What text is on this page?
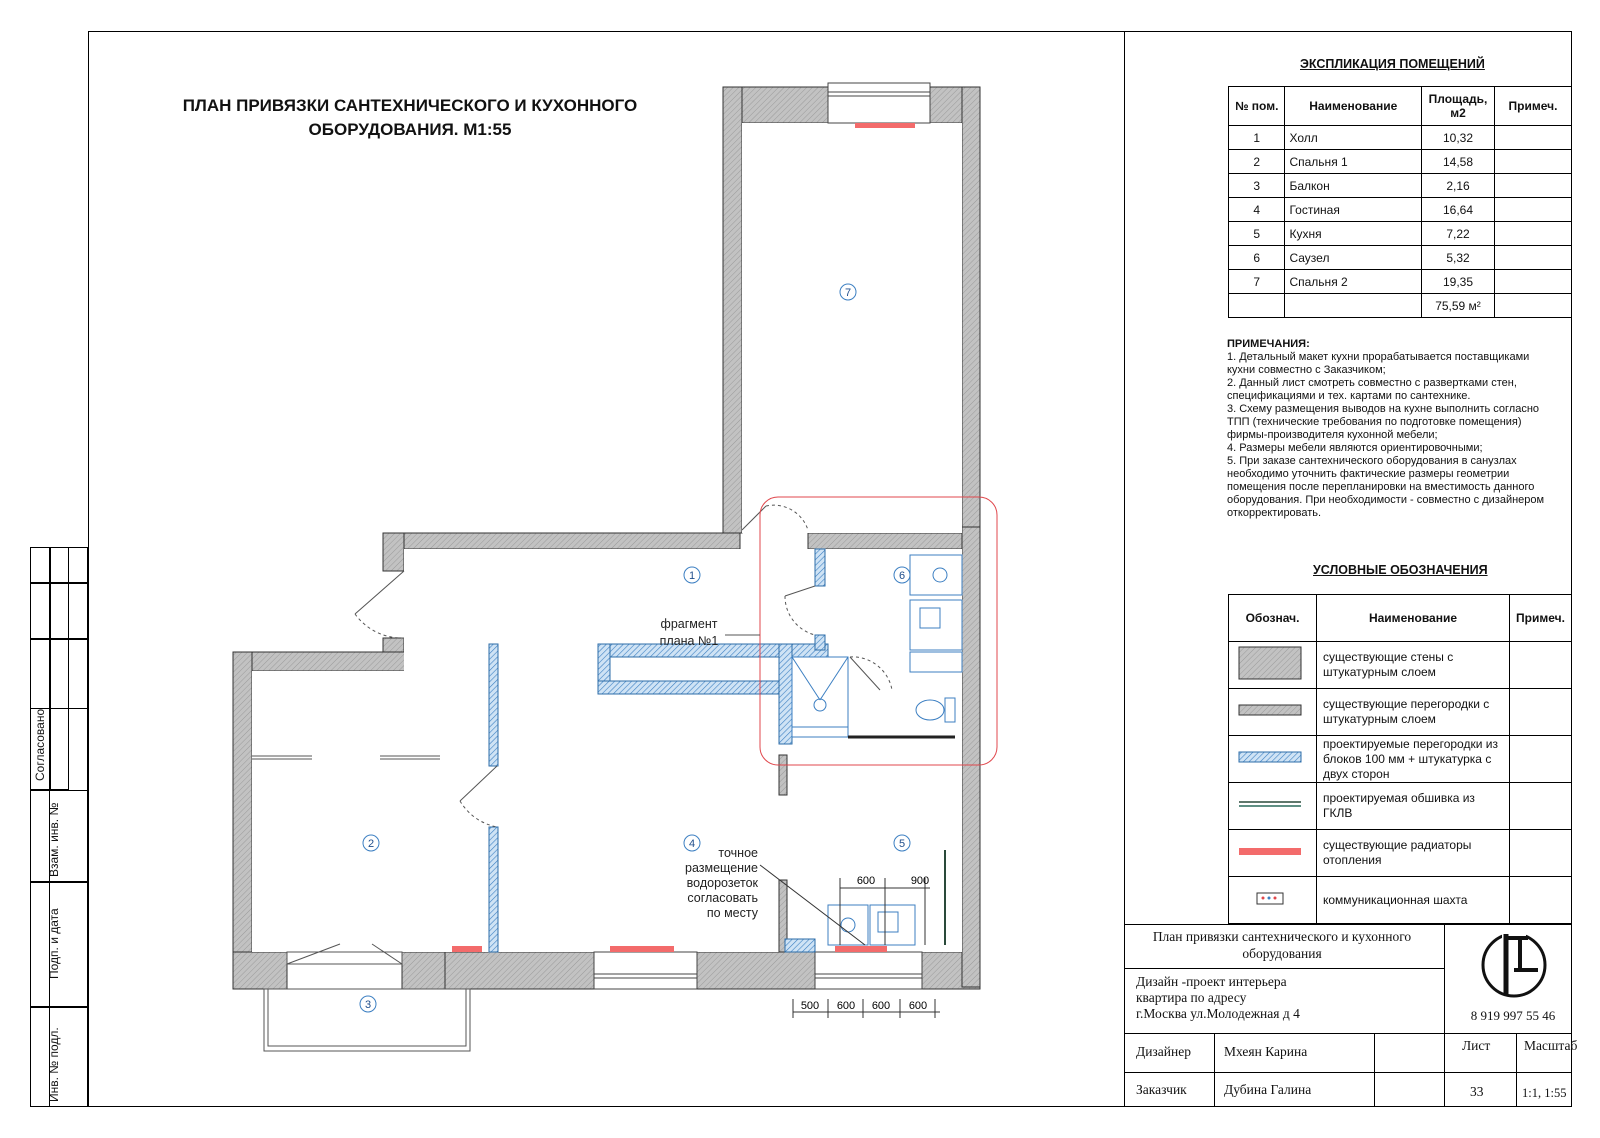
ПЛАН ПРИВЯЗКИ САНТЕХНИЧЕСКОГО И КУХОННОГО
ОБОРУДОВАНИЯ. М1:55
Согласовано
Взам. инв. №
Подп. и дата
Инв. № подл.
600	900
500 600 600 600
1
2
3
4	5
6
7
фрагмент
плана №1
точное
размещение
водорозеток
согласовать
по месту
ЭКСПЛИКАЦИЯ ПОМЕЩЕНИЙ
№ пом.	Наименование	Площадь, м2	Примеч.
1	Холл	10,32	
2	Спальня 1	14,58	
3	Балкон	2,16	
4	Гостиная	16,64	
5	Кухня	7,22	
6	Саузел	5,32	
7	Спальня 2	19,35	
		75,59 м²	
ПРИМЕЧАНИЯ:
1. Детальный макет кухни прорабатывается поставщиками кухни совместно с Заказчиком;
2. Данный лист смотреть совместно с развертками стен, спецификациями и тех. картами по сантехнике.
3. Схему размещения выводов на кухне выполнить согласно ТПП (технические требования по подготовке помещения) фирмы-производителя кухонной мебели;
4. Размеры мебели являются ориентировочными;
5. При заказе сантехнического оборудования в санузлах необходимо уточнить фактические размеры геометрии помещения после перепланировки на вместимость данного оборудования. При необходимости - совместно с дизайнером откорректировать.
УСЛОВНЫЕ ОБОЗНАЧЕНИЯ
Обознач.	Наименование	Примеч.
	существующие стены с штукатурным слоем	
	существующие перегородки с штукатурным слоем	
	проектируемые перегородки из блоков 100 мм + штукатурка с двух сторон	
	проектируемая обшивка из ГКЛВ	
	существующие радиаторы отопления	
	коммуникационная шахта	
План привязки сантехнического и кухонного оборудования
Дизайн -проект интерьера
квартира по адресу
г.Москва ул.Молодежная д 4	8 919 997 55 46
Дизайнер Мхеян Карина	Лист Масштаб
Заказчик	Дубина Галина	33	1:1, 1:55
